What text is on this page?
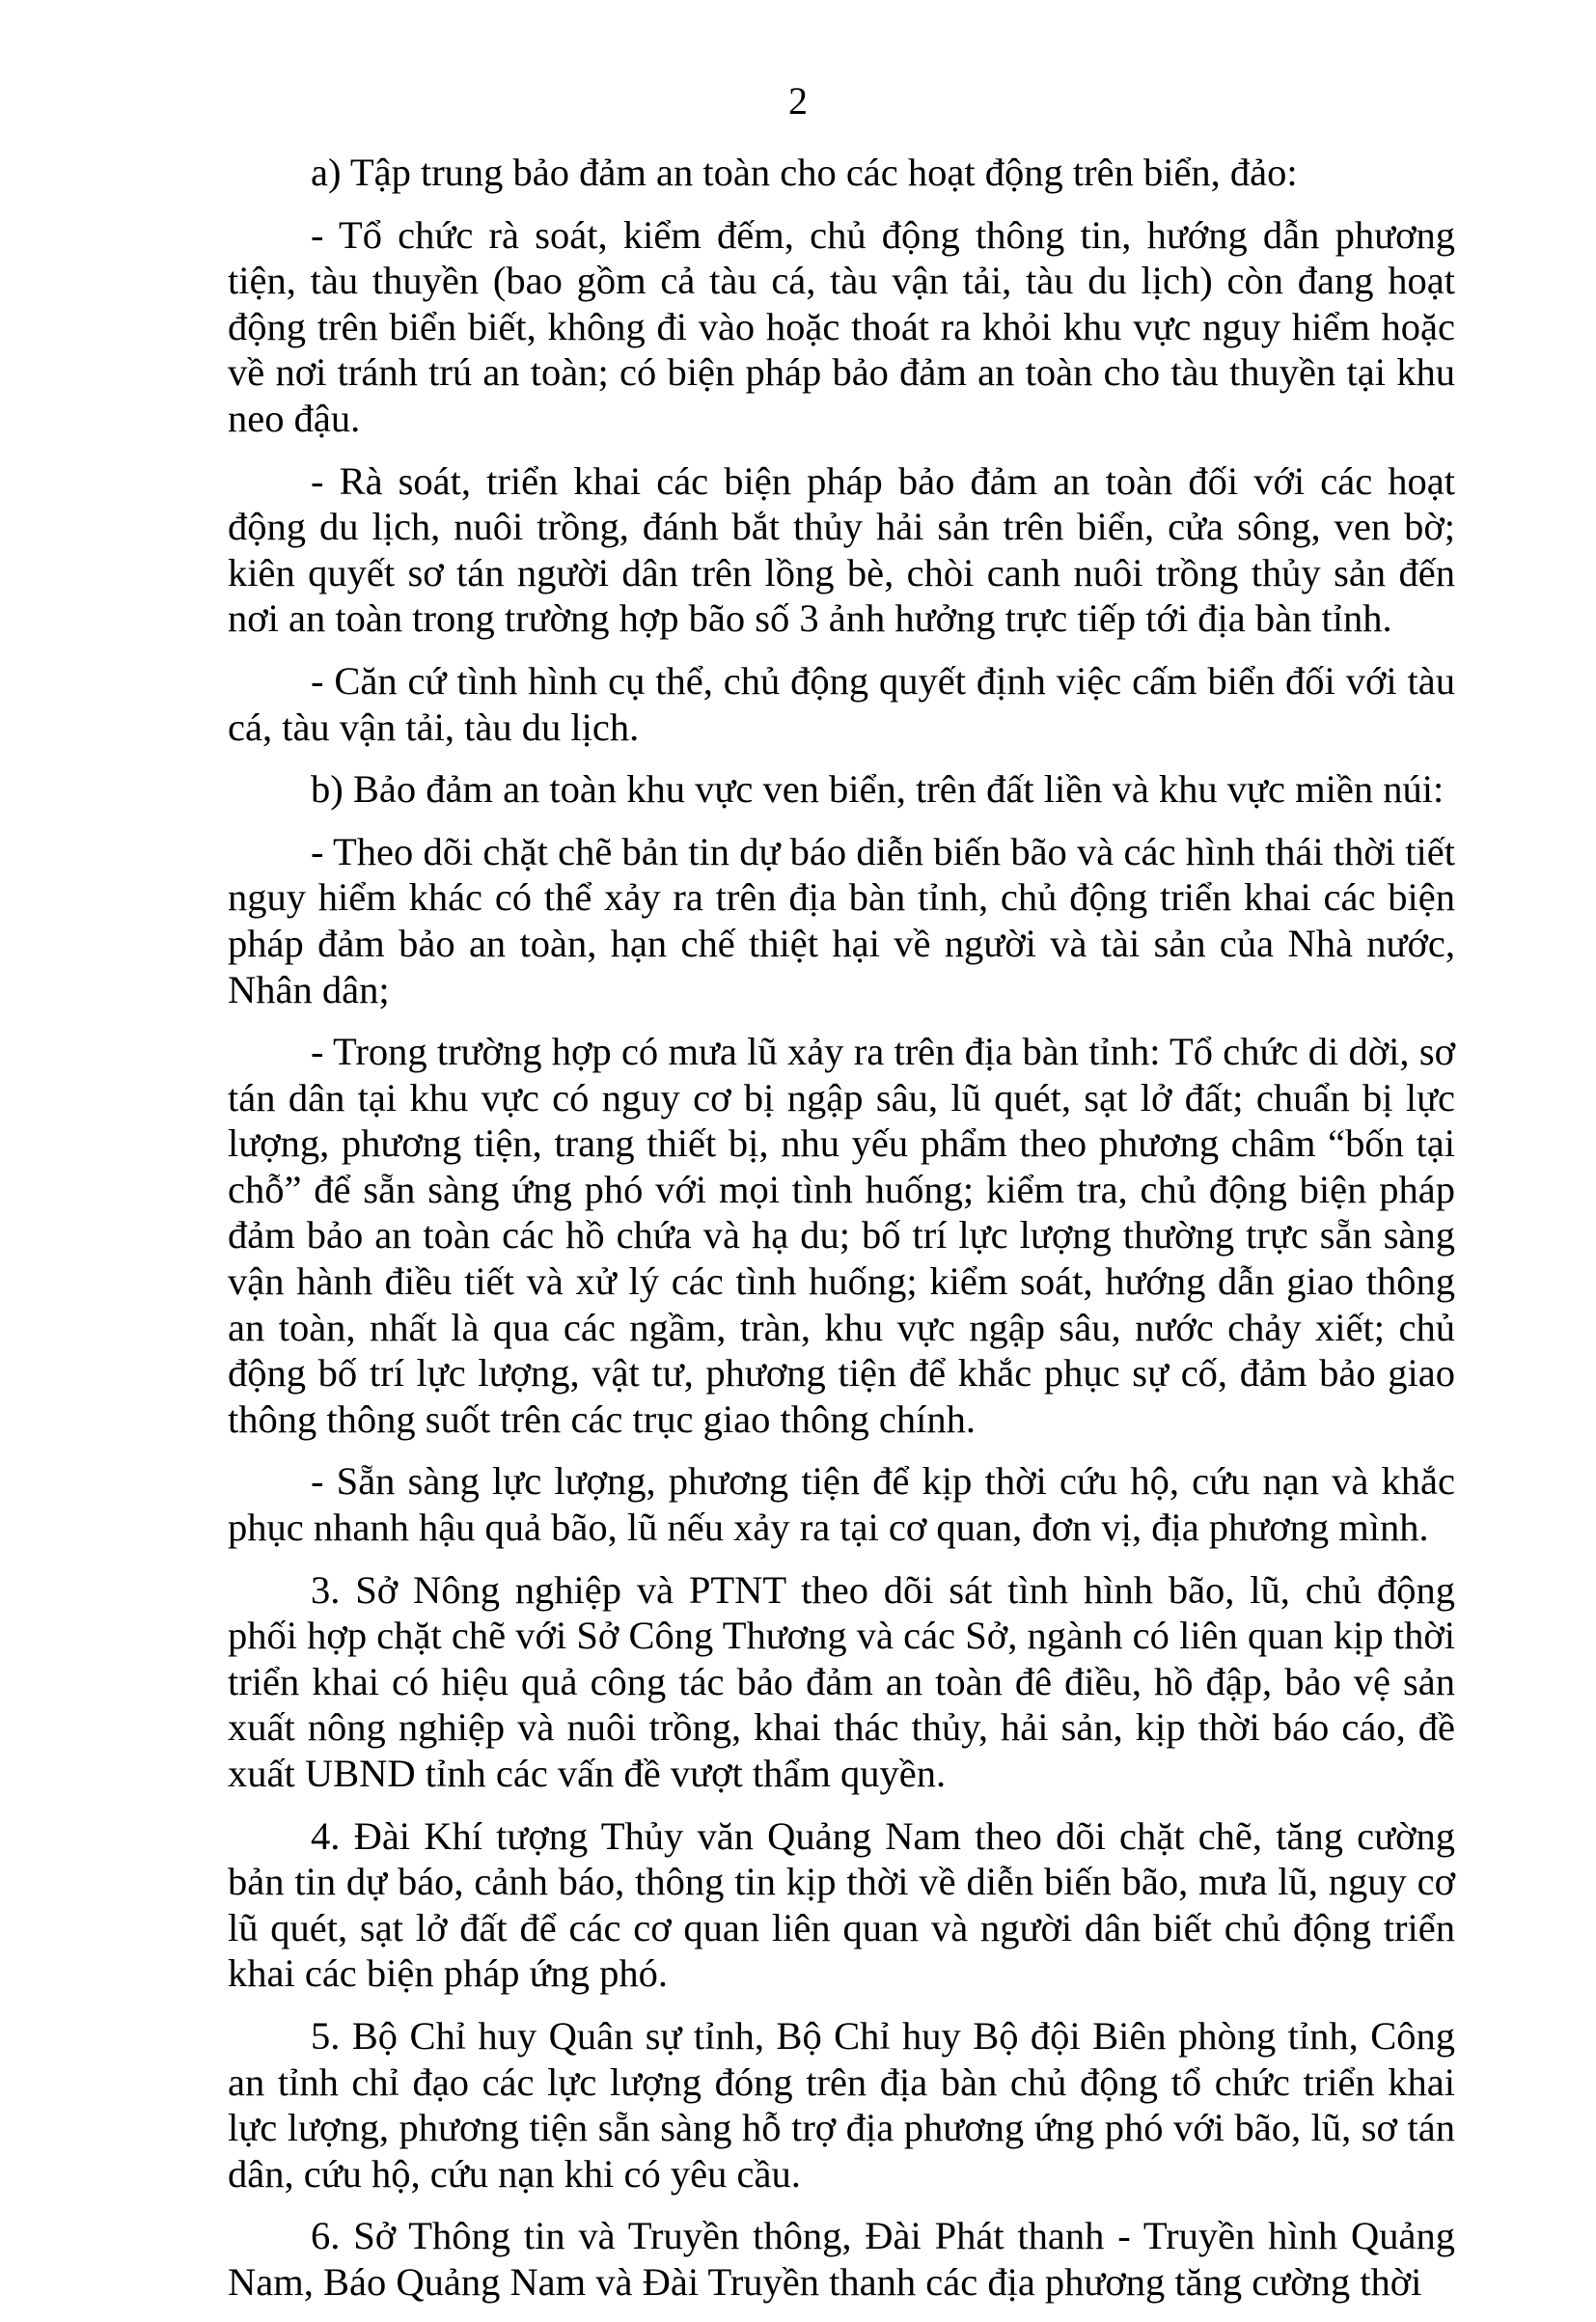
2

a) Tập trung bảo đảm an toàn cho các hoạt động trên biển, đảo:

- Tổ chức rà soát, kiểm đếm, chủ động thông tin, hướng dẫn phương tiện, tàu thuyền (bao gồm cả tàu cá, tàu vận tải, tàu du lịch) còn đang hoạt động trên biển biết, không đi vào hoặc thoát ra khỏi khu vực nguy hiểm hoặc về nơi tránh trú an toàn; có biện pháp bảo đảm an toàn cho tàu thuyền tại khu neo đậu.

- Rà soát, triển khai các biện pháp bảo đảm an toàn đối với các hoạt động du lịch, nuôi trồng, đánh bắt thủy hải sản trên biển, cửa sông, ven bờ; kiên quyết sơ tán người dân trên lồng bè, chòi canh nuôi trồng thủy sản đến nơi an toàn trong trường hợp bão số 3 ảnh hưởng trực tiếp tới địa bàn tỉnh.

- Căn cứ tình hình cụ thể, chủ động quyết định việc cấm biển đối với tàu cá, tàu vận tải, tàu du lịch.

b) Bảo đảm an toàn khu vực ven biển, trên đất liền và khu vực miền núi:

- Theo dõi chặt chẽ bản tin dự báo diễn biến bão và các hình thái thời tiết nguy hiểm khác có thể xảy ra trên địa bàn tỉnh, chủ động triển khai các biện pháp đảm bảo an toàn, hạn chế thiệt hại về người và tài sản của Nhà nước, Nhân dân;

- Trong trường hợp có mưa lũ xảy ra trên địa bàn tỉnh: Tổ chức di dời, sơ tán dân tại khu vực có nguy cơ bị ngập sâu, lũ quét, sạt lở đất; chuẩn bị lực lượng, phương tiện, trang thiết bị, nhu yếu phẩm theo phương châm “bốn tại chỗ” để sẵn sàng ứng phó với mọi tình huống; kiểm tra, chủ động biện pháp đảm bảo an toàn các hồ chứa và hạ du; bố trí lực lượng thường trực sẵn sàng vận hành điều tiết và xử lý các tình huống; kiểm soát, hướng dẫn giao thông an toàn, nhất là qua các ngầm, tràn, khu vực ngập sâu, nước chảy xiết; chủ động bố trí lực lượng, vật tư, phương tiện để khắc phục sự cố, đảm bảo giao thông thông suốt trên các trục giao thông chính.

- Sẵn sàng lực lượng, phương tiện để kịp thời cứu hộ, cứu nạn và khắc phục nhanh hậu quả bão, lũ nếu xảy ra tại cơ quan, đơn vị, địa phương mình.

3. Sở Nông nghiệp và PTNT theo dõi sát tình hình bão, lũ, chủ động phối hợp chặt chẽ với Sở Công Thương và các Sở, ngành có liên quan kịp thời triển khai có hiệu quả công tác bảo đảm an toàn đê điều, hồ đập, bảo vệ sản xuất nông nghiệp và nuôi trồng, khai thác thủy, hải sản, kịp thời báo cáo, đề xuất UBND tỉnh các vấn đề vượt thẩm quyền.

4. Đài Khí tượng Thủy văn Quảng Nam theo dõi chặt chẽ, tăng cường bản tin dự báo, cảnh báo, thông tin kịp thời về diễn biến bão, mưa lũ, nguy cơ lũ quét, sạt lở đất để các cơ quan liên quan và người dân biết chủ động triển khai các biện pháp ứng phó.

5. Bộ Chỉ huy Quân sự tỉnh, Bộ Chỉ huy Bộ đội Biên phòng tỉnh, Công an tỉnh chỉ đạo các lực lượng đóng trên địa bàn chủ động tổ chức triển khai lực lượng, phương tiện sẵn sàng hỗ trợ địa phương ứng phó với bão, lũ, sơ tán dân, cứu hộ, cứu nạn khi có yêu cầu.

6. Sở Thông tin và Truyền thông, Đài Phát thanh - Truyền hình Quảng Nam, Báo Quảng Nam và Đài Truyền thanh các địa phương tăng cường thời
